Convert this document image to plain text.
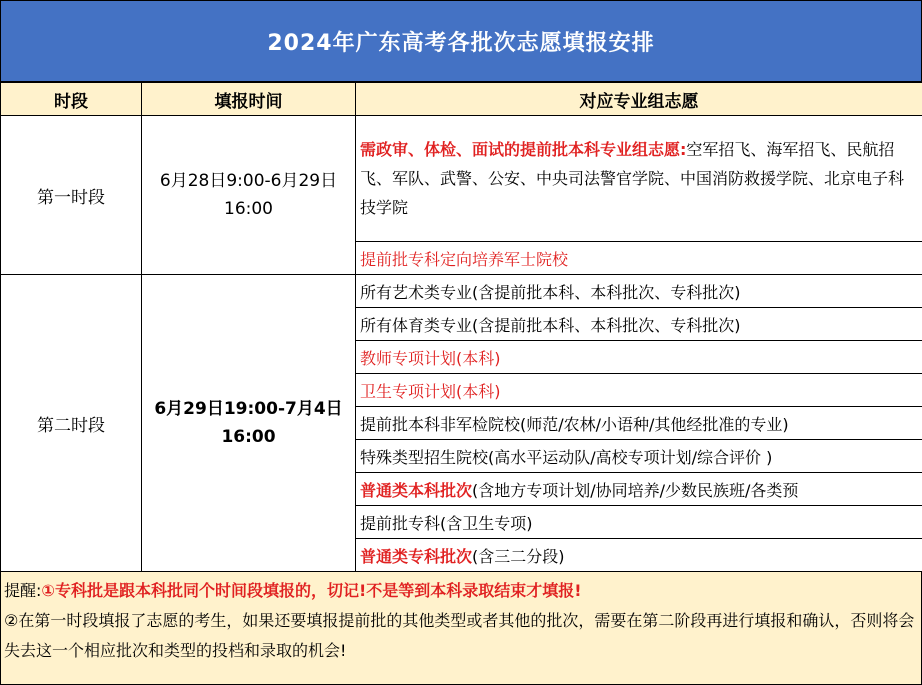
2024年广东高考各批次志愿填报安排
时段	填报时间	对应专业组志愿
第一时段	6月28日9:00-6月29日16:00	需政审、体检、面试的提前批本科专业组志愿:空军招飞、海军招飞、民航招飞、军队、武警、公安、中央司法警官学院、中国消防救援学院、北京电子科技学院
		提前批专科定向培养军士院校
第二时段	6月29日19:00-7月4日16:00	所有艺术类专业(含提前批本科、本科批次、专科批次)
		所有体育类专业(含提前批本科、本科批次、专科批次)
		教师专项计划(本科)
		卫生专项计划(本科)
		提前批本科非军检院校(师范/农林/小语种/其他经批准的专业)
		特殊类型招生院校(高水平运动队/高校专项计划/综合评价 )
		普通类本科批次(含地方专项计划/协同培养/少数民族班/各类预
		提前批专科(含卫生专项)
		普通类专科批次(含三二分段)
提醒:①专科批是跟本科批同个时间段填报的，切记!不是等到本科录取结束才填报!
②在第一时段填报了志愿的考生，如果还要填报提前批的其他类型或者其他的批次，需要在第二阶段再进行填报和确认，否则将会失去这一个相应批次和类型的投档和录取的机会!
